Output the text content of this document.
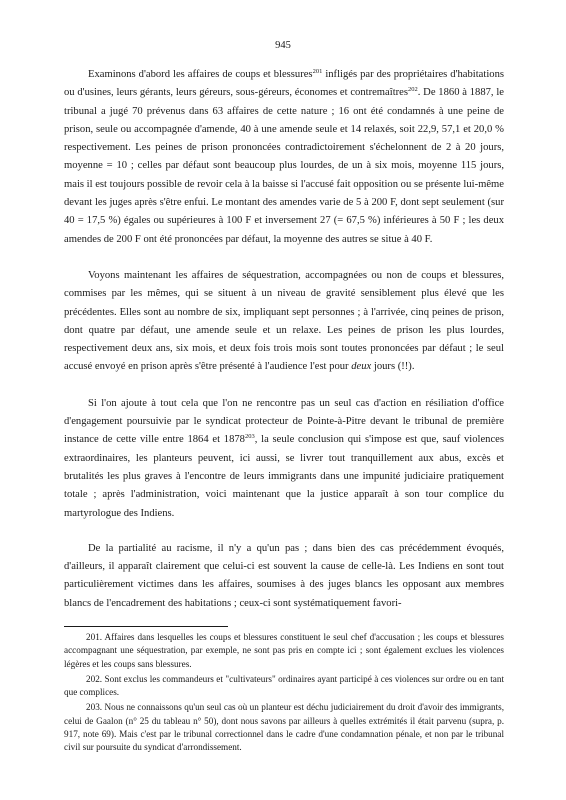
945

Examinons d'abord les affaires de coups et blessures$^{201}$ infligés par des propriétaires d'habitations ou d'usines, leurs gérants, leurs géreurs, sous-géreurs, économes et contremaîtres$^{202}$. De 1860 à 1887, le tribunal a jugé 70 prévenus dans 63 affaires de cette nature ; 16 ont été condamnés à une peine de prison, seule ou accompagnée d'amende, 40 à une amende seule et 14 relaxés, soit 22,9, 57,1 et 20,0 % respectivement. Les peines de prison prononcées contradictoirement s'échelonnent de 2 à 20 jours, moyenne = 10 ; celles par défaut sont beaucoup plus lourdes, de un à six mois, moyenne 115 jours, mais il est toujours possible de revoir cela à la baisse si l'accusé fait opposition ou se présente lui-même devant les juges après s'être enfui. Le montant des amendes varie de 5 à 200 F, dont sept seulement (sur 40 = 17,5 %) égales ou supérieures à 100 F et inversement 27 (= 67,5 %) inférieures à 50 F ; les deux amendes de 200 F ont été prononcées par défaut, la moyenne des autres se situe à 40 F.

Voyons maintenant les affaires de séquestration, accompagnées ou non de coups et blessures, commises par les mêmes, qui se situent à un niveau de gravité sensiblement plus élevé que les précédentes. Elles sont au nombre de six, impliquant sept personnes ; à l'arrivée, cinq peines de prison, dont quatre par défaut, une amende seule et un relaxe. Les peines de prison les plus lourdes, respectivement deux ans, six mois, et deux fois trois mois sont toutes prononcées par défaut ; le seul accusé envoyé en prison après s'être présenté à l'audience l'est pour deux jours (!!).

Si l'on ajoute à tout cela que l'on ne rencontre pas un seul cas d'action en résiliation d'office d'engagement poursuivie par le syndicat protecteur de Pointe-à-Pitre devant le tribunal de première instance de cette ville entre 1864 et 1878$^{203}$, la seule conclusion qui s'impose est que, sauf violences extraordinaires, les planteurs peuvent, ici aussi, se livrer tout tranquillement aux abus, excès et brutalités les plus graves à l'encontre de leurs immigrants dans une impunité judiciaire pratiquement totale ; après l'administration, voici maintenant que la justice apparaît à son tour complice du martyrologue des Indiens.

De la partialité au racisme, il n'y a qu'un pas ; dans bien des cas précédemment évoqués, d'ailleurs, il apparaît clairement que celui-ci est souvent la cause de celle-là. Les Indiens en sont tout particulièrement victimes dans les affaires, soumises à des juges blancs les opposant aux membres blancs de l'encadrement des habitations ; ceux-ci sont systématiquement favori-

201. Affaires dans lesquelles les coups et blessures constituent le seul chef d'accusation ; les coups et blessures accompagnant une séquestration, par exemple, ne sont pas pris en compte ici ; sont également exclues les violences légères et les coups sans blessures.

202. Sont exclus les commandeurs et "cultivateurs" ordinaires ayant participé à ces violences sur ordre ou en tant que complices.

203. Nous ne connaissons qu'un seul cas où un planteur est déchu judiciairement du droit d'avoir des immigrants, celui de Gaalon (n° 25 du tableau n° 50), dont nous savons par ailleurs à quelles extrémités il était parvenu (supra, p. 917, note 69). Mais c'est par le tribunal correctionnel dans le cadre d'une condamnation pénale, et non par le tribunal civil sur poursuite du syndicat d'arrondissement.
